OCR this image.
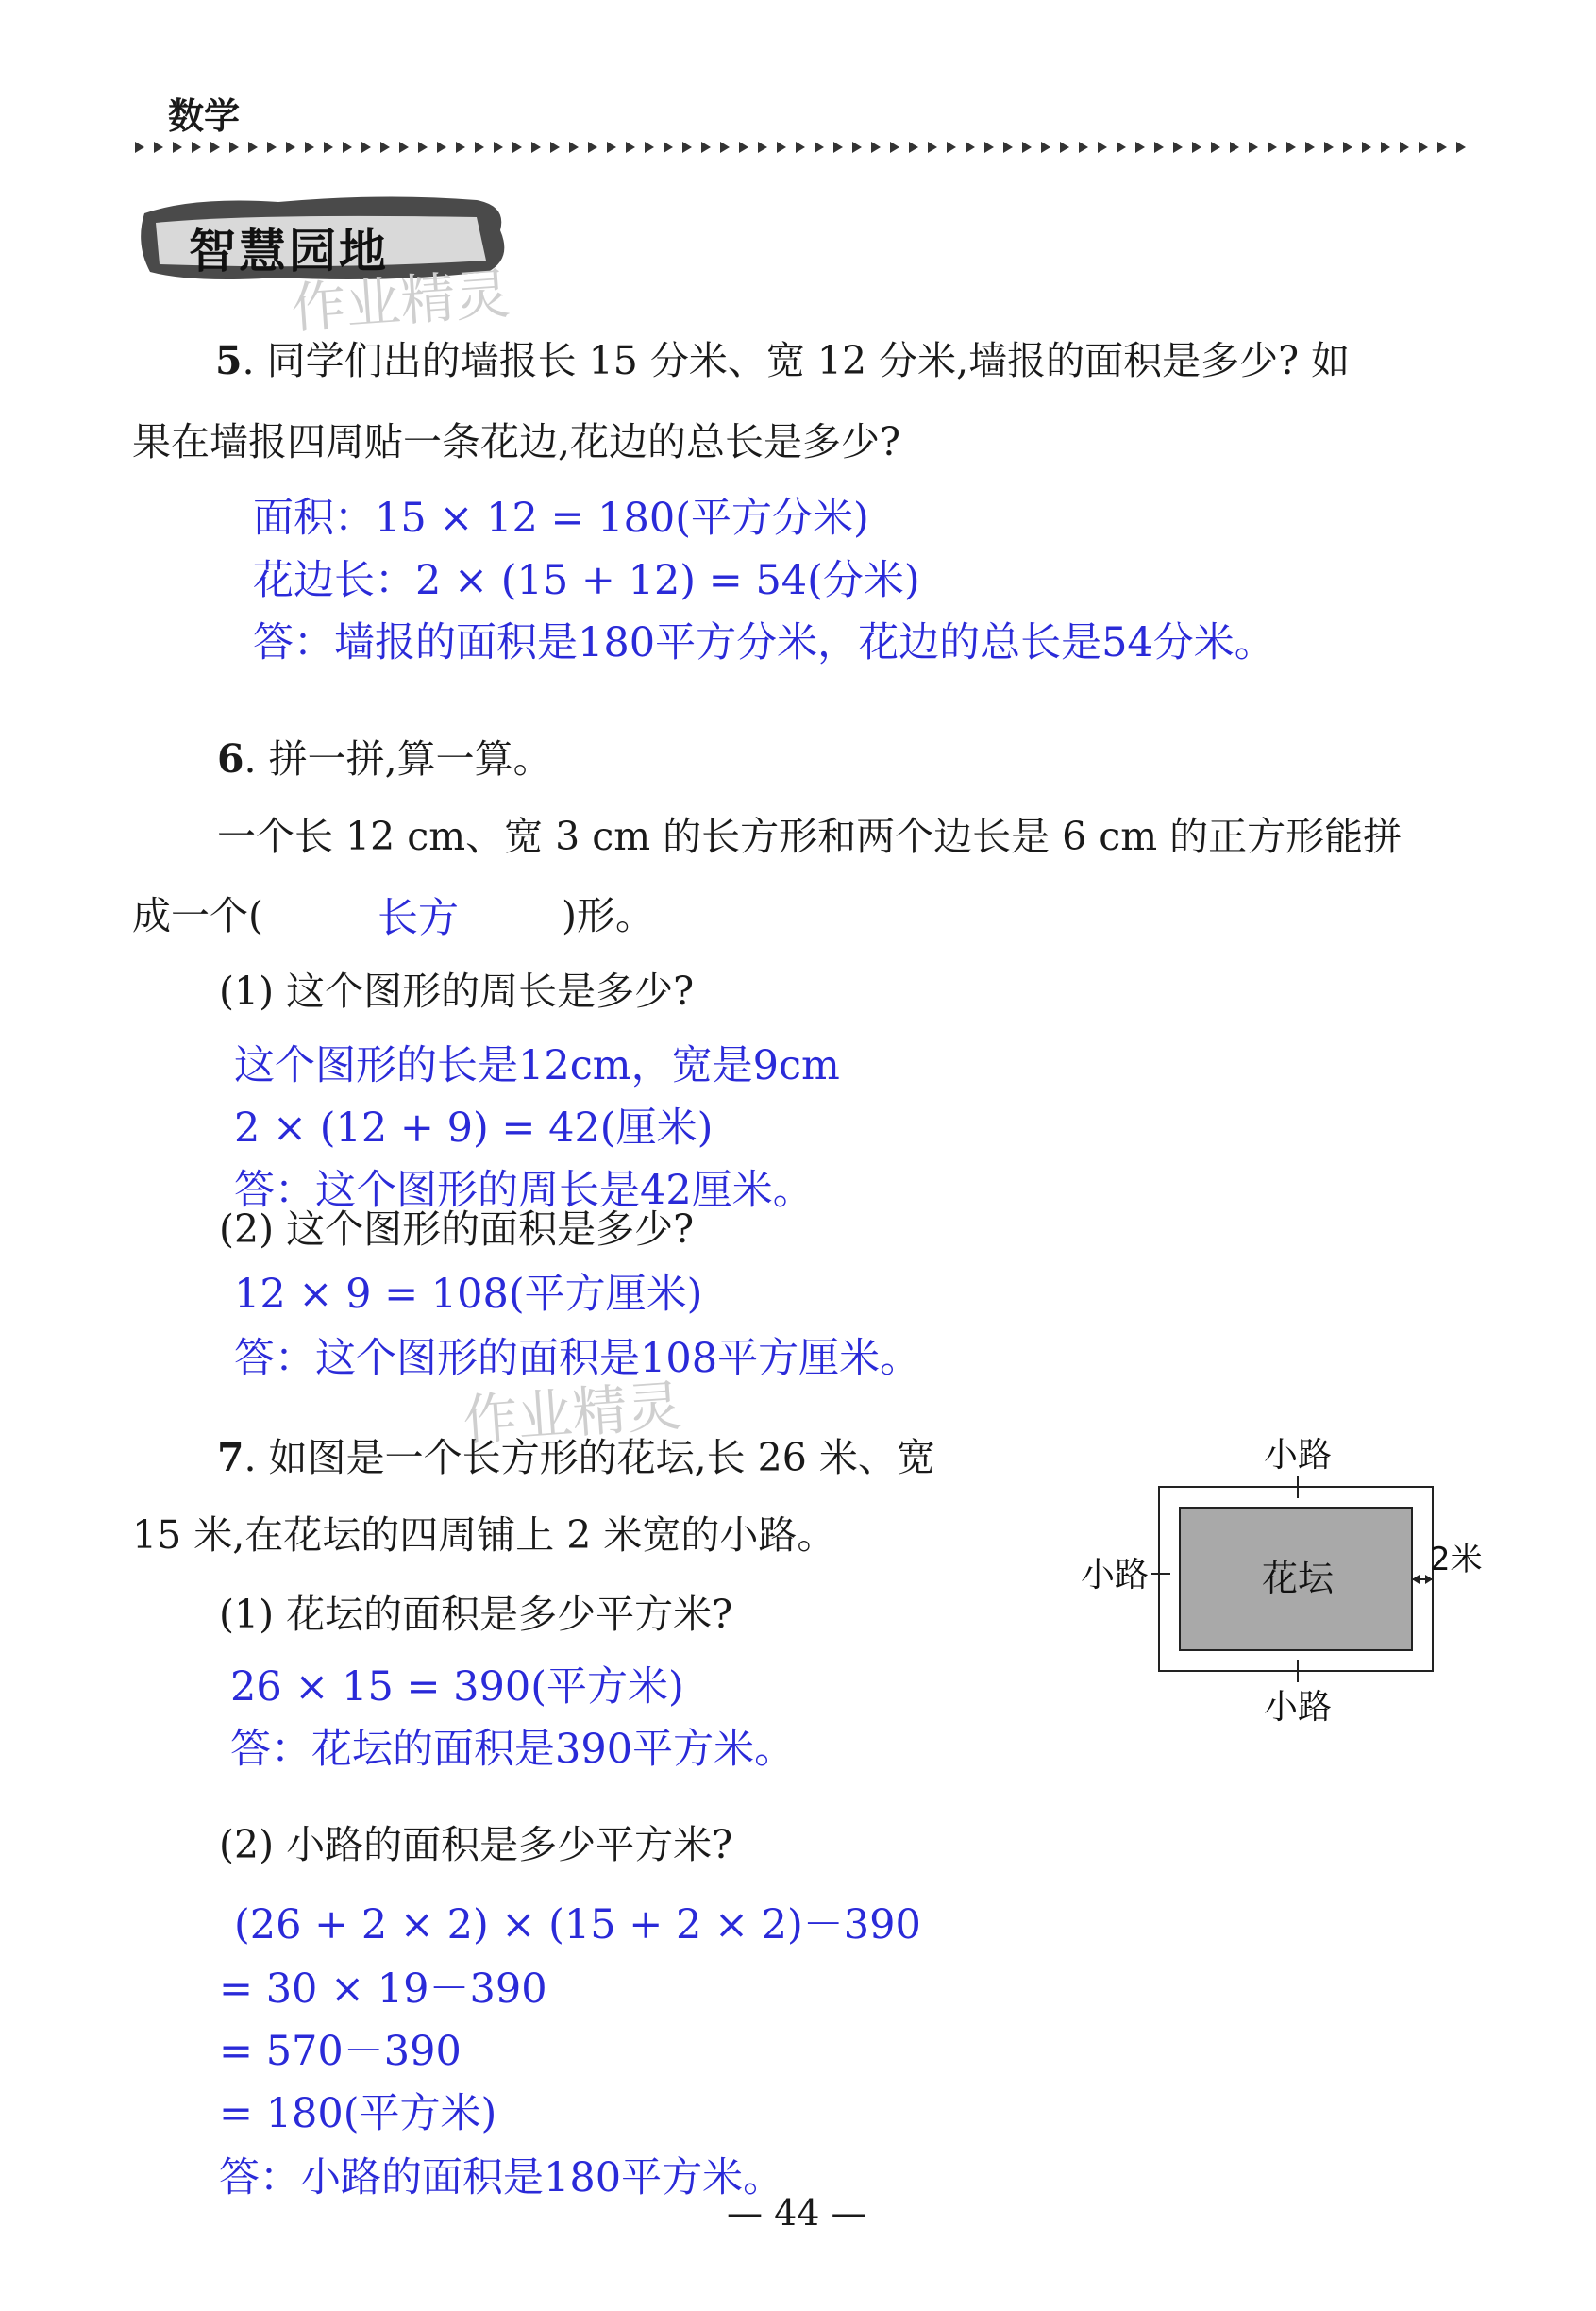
数学
智慧园地
作业精灵
5. 同学们出的墙报长 15 分米、宽 12 分米,墙报的面积是多少? 如
果在墙报四周贴一条花边,花边的总长是多少?
面积：15 × 12 = 180(平方分米)
花边长：2 × (15 + 12) = 54(分米)
答：墙报的面积是180平方分米，花边的总长是54分米。
6. 拼一拼,算一算。
一个长 12 cm、宽 3 cm 的长方形和两个边长是 6 cm 的正方形能拼
成一个(	长方	)形。
(1) 这个图形的周长是多少?
这个图形的长是12cm，宽是9cm
2 × (12 + 9) = 42(厘米)
答：这个图形的周长是42厘米。
(2) 这个图形的面积是多少?
12 × 9 = 108(平方厘米)
答：这个图形的面积是108平方厘米。
作业精灵
7. 如图是一个长方形的花坛,长 26 米、宽
15 米,在花坛的四周铺上 2 米宽的小路。
(1) 花坛的面积是多少平方米?
26 × 15 = 390(平方米)
答：花坛的面积是390平方米。
(2) 小路的面积是多少平方米?
(26 + 2 × 2) × (15 + 2 × 2)－390
= 30 × 19－390
= 570－390
= 180(平方米)
答：小路的面积是180平方米。
小路
小路
小路	花坛	2米
— 44 —
